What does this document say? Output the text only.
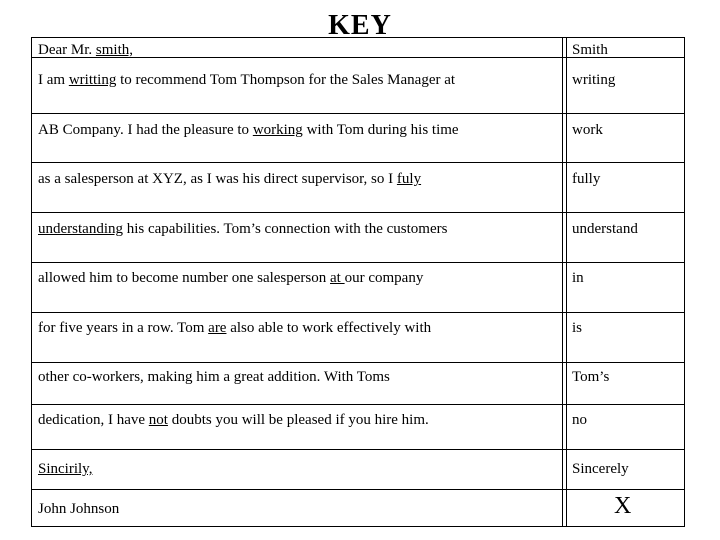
KEY
Dear Mr. smith,	Smith
I am writting to recommend Tom Thompson for the Sales Manager at	writing
AB Company. I had the pleasure to working with Tom during his time	work
as a salesperson at XYZ, as I was his direct supervisor, so I fuly	fully
understanding his capabilities. Tom’s connection with the customers	understand
allowed him to become number one salesperson at our company	in
for five years in a row. Tom are also able to work effectively with	is
other co-workers, making him a great addition. With Toms	Tom’s
dedication, I have not doubts you will be pleased if you hire him.	no
Sincirily,	Sincerely
John Johnson	X
